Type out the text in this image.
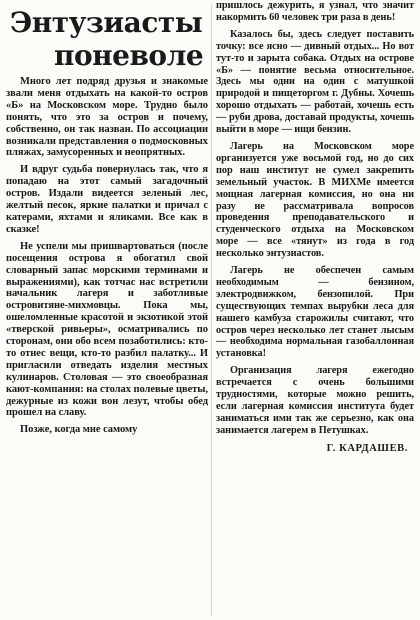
Энтузиасты
поневоле

Много лет подряд друзья и знакомые звали меня отдыхать на какой-то остров «Б» на Московском море. Трудно было понять, что это за остров и почему, собственно, он так назван. По ассоциации возникали представления о подмосковных пляжах, замусоренных и неопрятных.

И вдруг судьба повернулась так, что я попадаю на этот самый загадочный остров. Издали видеется зеленый лес, желтый песок, яркие палатки и причал с катерами, яхтами и яликами. Все как в сказке!

Не успели мы пришвартоваться (после посещения острова я обогатил свой словарный запас морскими терминами и выражениями), как тотчас нас встретили начальник лагеря и заботливые островитяне-михмовцы. Пока мы, ошеломленные красотой и экзотикой этой «тверской ривьеры», осматривались по сторонам, они обо всем позаботились: кто-то отнес вещи, кто-то разбил палатку... И пригласили отведать изделия местных кулинаров. Столовая — это своеобразная кают-компания: на столах полевые цветы, дежурные из кожи вон лезут, чтобы обед прошел на славу.

Позже, когда мне самому

пришлось дежурить, я узнал, что значит накормить 60 человек три раза в день!

Казалось бы, здесь следует поставить точку: все ясно — дивный отдых... Но вот тут-то и зарыта собака. Отдых на острове «Б» — понятие весьма относительное. Здесь мы одни на один с матушкой природой и пищеторгом г. Дубны. Хочешь хорошо отдыхать — работай, хочешь есть — руби дрова, доставай продукты, хочешь выйти в море — ищи бензин.

Лагерь на Московском море организуется уже восьмой год, но до сих пор наш институт не сумел закрепить земельный участок. В МИХМе имеется мощная лагерная комиссия, но она ни разу не рассматривала вопросов проведения преподавательского и студенческого отдыха на Московском море — все «тянут» из года в год несколько энтузиастов.

Лагерь не обеспечен самым необходимым — бензином, электродвижком, бензопилой. При существующих темпах вырубки леса для нашего камбуза старожилы считают, что остров через несколько лет станет лысым — необходима нормальная газобаллонная установка!

Организация лагеря ежегодно встречается с очень большими трудностями, которые можно решить, если лагерная комиссия института будет заниматься ими так же серьезно, как она занимается лагерем в Петушках.

Г. КАРДАШЕВ.
